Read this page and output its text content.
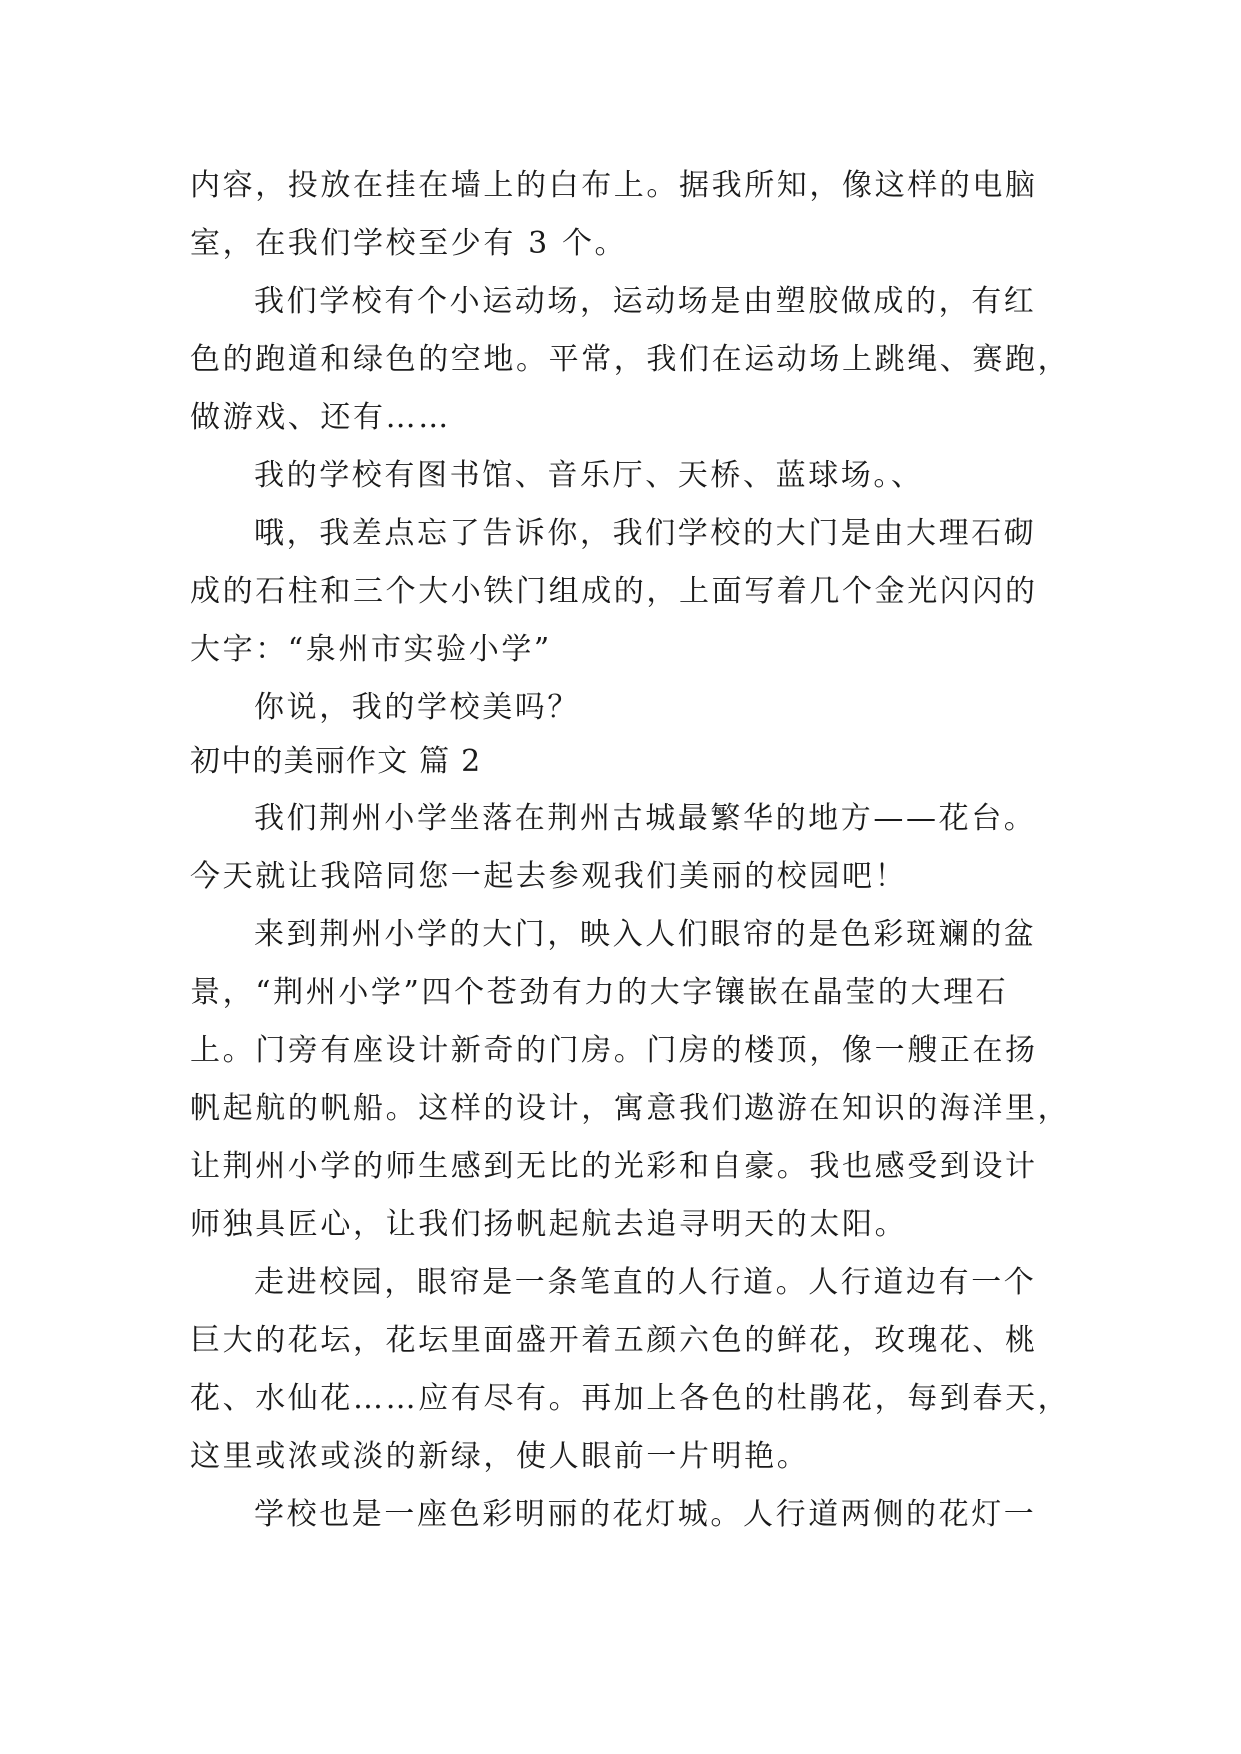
内容，投放在挂在墙上的白布上。据我所知，像这样的电脑
室，在我们学校至少有 3 个。
我们学校有个小运动场，运动场是由塑胶做成的，有红
色的跑道和绿色的空地。平常，我们在运动场上跳绳、赛跑，
做游戏、还有……
我的学校有图书馆、音乐厅、天桥、蓝球场。、
哦，我差点忘了告诉你，我们学校的大门是由大理石砌
成的石柱和三个大小铁门组成的，上面写着几个金光闪闪的
大字：“泉州市实验小学”
你说，我的学校美吗？
初中的美丽作文 篇 2
我们荆州小学坐落在荆州古城最繁华的地方——花台。
今天就让我陪同您一起去参观我们美丽的校园吧！
来到荆州小学的大门，映入人们眼帘的是色彩斑斓的盆
景，“荆州小学”四个苍劲有力的大字镶嵌在晶莹的大理石
上。门旁有座设计新奇的门房。门房的楼顶，像一艘正在扬
帆起航的帆船。这样的设计，寓意我们遨游在知识的海洋里，
让荆州小学的师生感到无比的光彩和自豪。我也感受到设计
师独具匠心，让我们扬帆起航去追寻明天的太阳。
走进校园，眼帘是一条笔直的人行道。人行道边有一个
巨大的花坛，花坛里面盛开着五颜六色的鲜花，玫瑰花、桃
花、水仙花……应有尽有。再加上各色的杜鹃花，每到春天，
这里或浓或淡的新绿，使人眼前一片明艳。
学校也是一座色彩明丽的花灯城。人行道两侧的花灯一
